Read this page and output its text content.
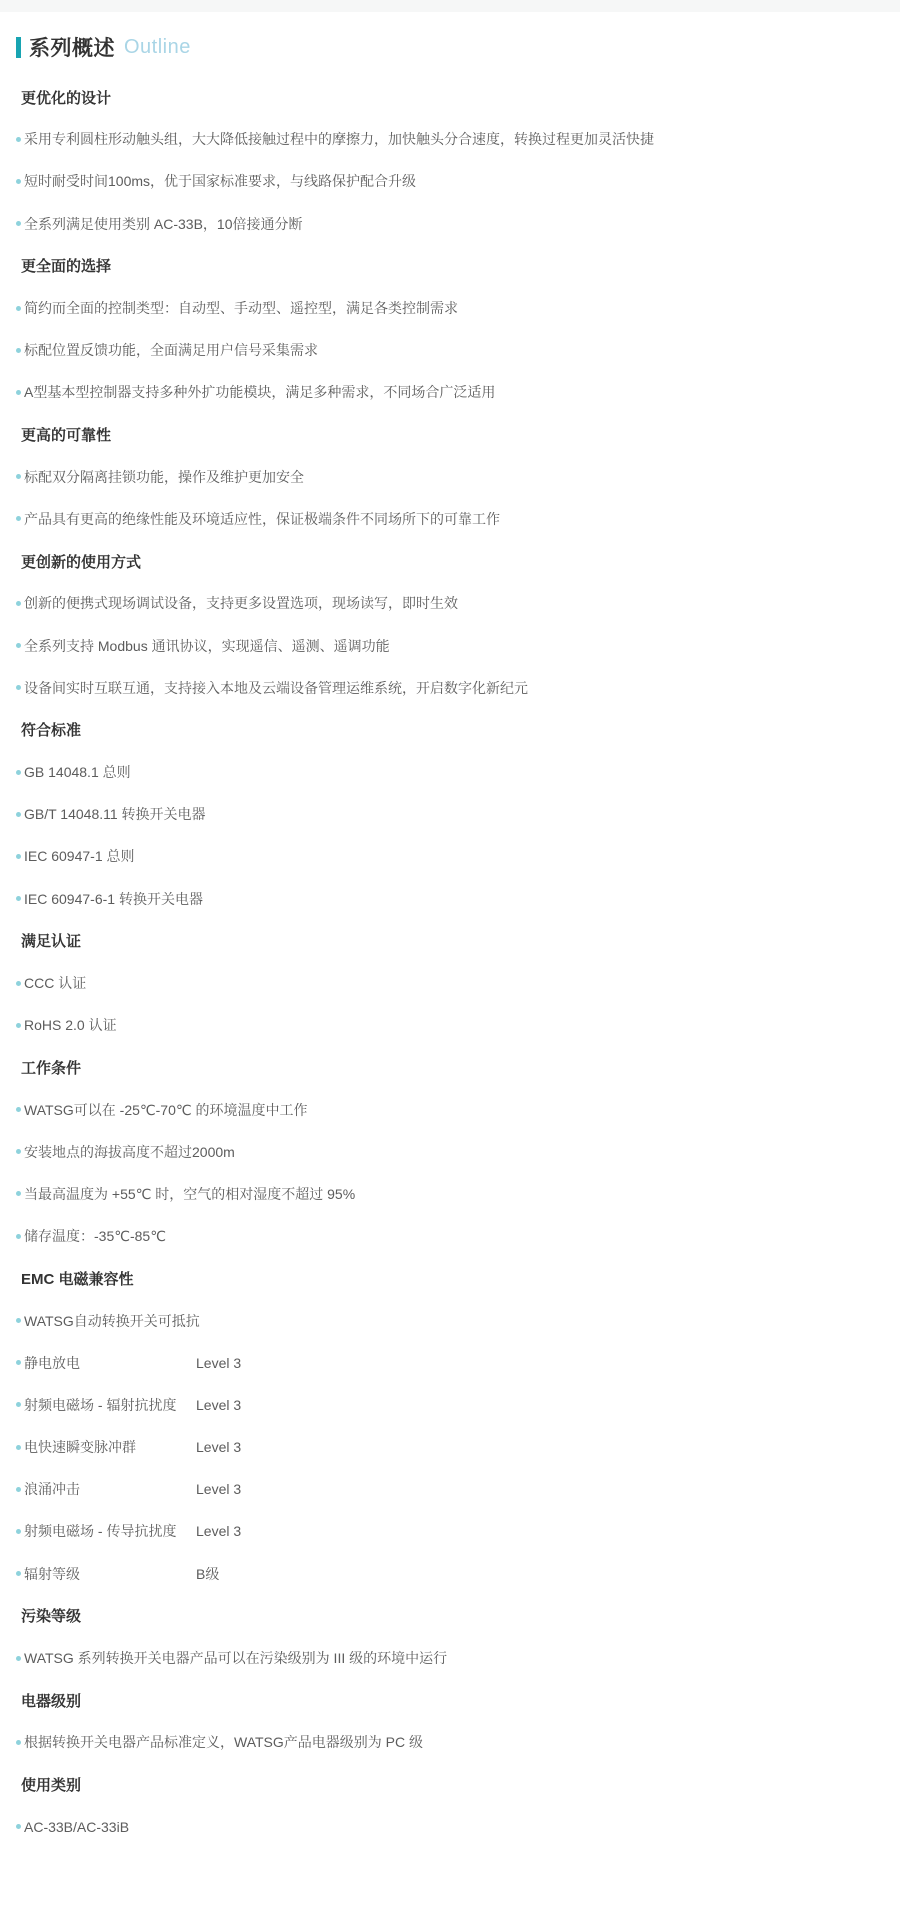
系列概述 Outline
更优化的设计
采用专利圆柱形动触头组，大大降低接触过程中的摩擦力，加快触头分合速度，转换过程更加灵活快捷
短时耐受时间100ms，优于国家标准要求，与线路保护配合升级
全系列满足使用类别 AC-33B，10倍接通分断
更全面的选择
简约而全面的控制类型：自动型、手动型、遥控型，满足各类控制需求
标配位置反馈功能，全面满足用户信号采集需求
A型基本型控制器支持多种外扩功能模块，满足多种需求，不同场合广泛适用
更高的可靠性
标配双分隔离挂锁功能，操作及维护更加安全
产品具有更高的绝缘性能及环境适应性，保证极端条件不同场所下的可靠工作
更创新的使用方式
创新的便携式现场调试设备，支持更多设置选项，现场读写，即时生效
全系列支持 Modbus 通讯协议，实现遥信、遥测、遥调功能
设备间实时互联互通，支持接入本地及云端设备管理运维系统，开启数字化新纪元
符合标准
GB 14048.1 总则
GB/T 14048.11 转换开关电器
IEC 60947-1 总则
IEC 60947-6-1 转换开关电器
满足认证
CCC 认证
RoHS 2.0 认证
工作条件
WATSG可以在 -25℃-70℃ 的环境温度中工作
安装地点的海拔高度不超过2000m
当最高温度为 +55℃ 时，空气的相对湿度不超过 95%
储存温度：-35℃-85℃
EMC 电磁兼容性
WATSG自动转换开关可抵抗
静电放电	Level 3
射频电磁场 - 辐射抗扰度	Level 3
电快速瞬变脉冲群	Level 3
浪涌冲击	Level 3
射频电磁场 - 传导抗扰度	Level 3
辐射等级	B级
污染等级
WATSG 系列转换开关电器产品可以在污染级别为 III 级的环境中运行
电器级别
根据转换开关电器产品标准定义，WATSG产品电器级别为 PC 级
使用类别
AC-33B/AC-33iB
